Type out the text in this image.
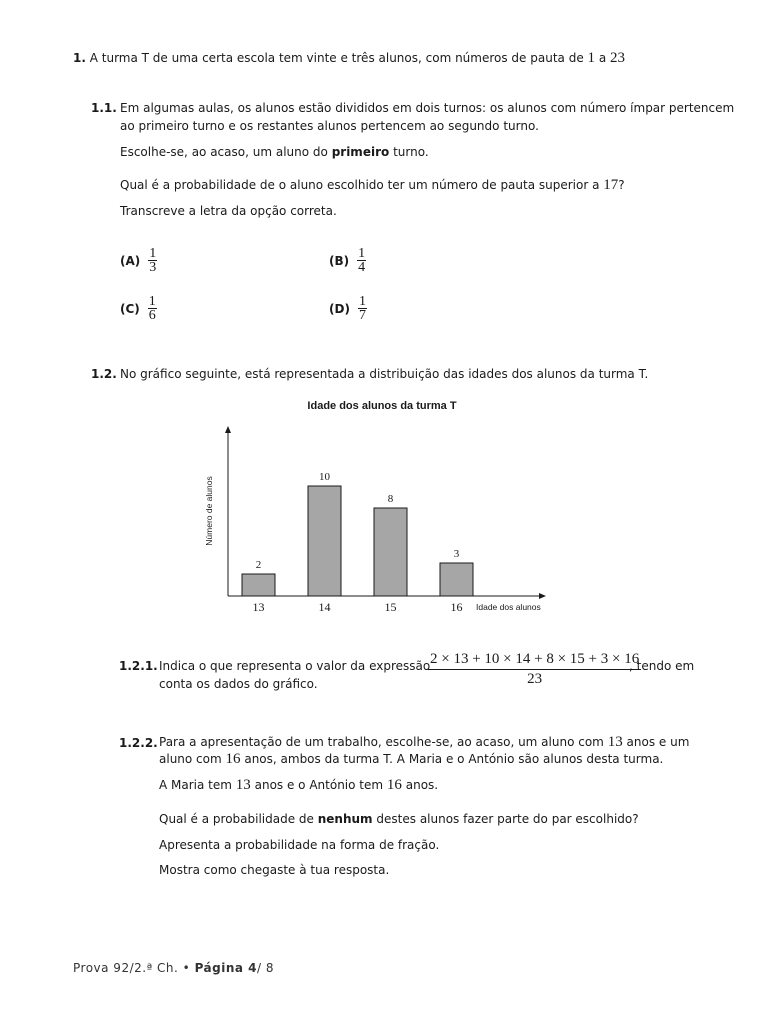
1. A turma T de uma certa escola tem vinte e três alunos, com números de pauta de 1 a 23
1.1. Em algumas aulas, os alunos estão divididos em dois turnos: os alunos com número ímpar pertencem
ao primeiro turno e os restantes alunos pertencem ao segundo turno.
Escolhe-se, ao acaso, um aluno do primeiro turno.
Qual é a probabilidade de o aluno escolhido ter um número de pauta superior a 17?
Transcreve a letra da opção correta.
$(A) \frac{1}{3}$	$(B) \frac{1}{4}$
$(C) \frac{1}{6}$	$(D) \frac{1}{7}$
1.2. No gráfico seguinte, está representada a distribuição das idades dos alunos da turma T.
Idade dos alunos da turma T
2
10
8
3
13	14	15	16 Idade dos alunos
Número de alunos
1.2.1. Indica o que representa o valor da expressão
$\frac{2 \times 13 + 10 \times 14 + 8 \times 15 + 3 \times 16}{23}$
, tendo em
conta os dados do gráfico.
1.2.2. Para a apresentação de um trabalho, escolhe-se, ao acaso, um aluno com 13 anos e um
aluno com 16 anos, ambos da turma T. A Maria e o António são alunos desta turma.
A Maria tem 13 anos e o António tem 16 anos.
Qual é a probabilidade de nenhum destes alunos fazer parte do par escolhido?
Apresenta a probabilidade na forma de fração.
Mostra como chegaste à tua resposta.
Prova 92/2.ª Ch. • Página 4/ 8
